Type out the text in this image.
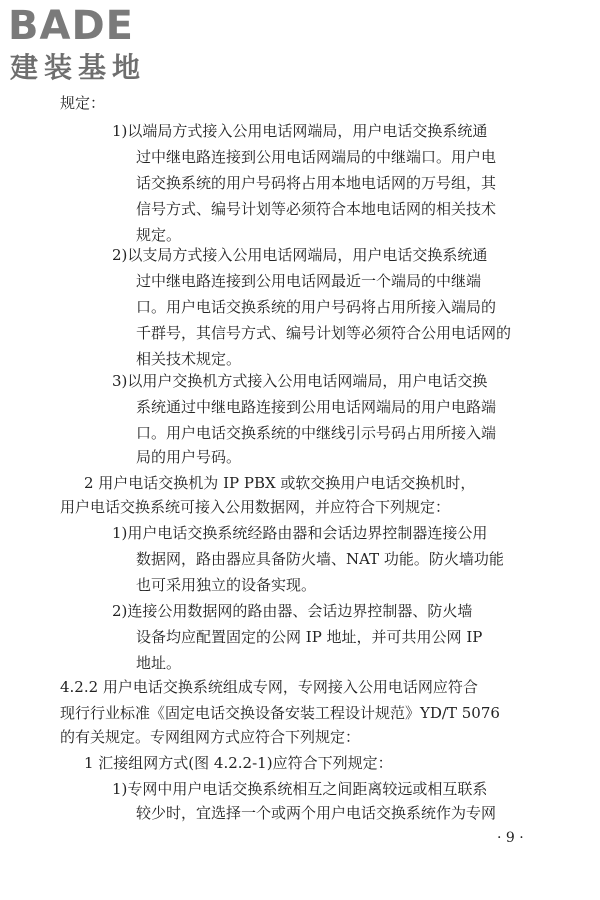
BADE
建装基地
规定：
1)以端局方式接入公用电话网端局，用户电话交换系统通
过中继电路连接到公用电话网端局的中继端口。用户电
话交换系统的用户号码将占用本地电话网的万号组，其
信号方式、编号计划等必须符合本地电话网的相关技术
规定。
2)以支局方式接入公用电话网端局，用户电话交换系统通
过中继电路连接到公用电话网最近一个端局的中继端
口。用户电话交换系统的用户号码将占用所接入端局的
千群号，其信号方式、编号计划等必须符合公用电话网的
相关技术规定。
3)以用户交换机方式接入公用电话网端局，用户电话交换
系统通过中继电路连接到公用电话网端局的用户电路端
口。用户电话交换系统的中继线引示号码占用所接入端
局的用户号码。
2 用户电话交换机为 IP PBX 或软交换用户电话交换机时，
用户电话交换系统可接入公用数据网，并应符合下列规定：
1)用户电话交换系统经路由器和会话边界控制器连接公用
数据网，路由器应具备防火墙、NAT 功能。防火墙功能
也可采用独立的设备实现。
2)连接公用数据网的路由器、会话边界控制器、防火墙
设备均应配置固定的公网 IP 地址，并可共用公网 IP
地址。
4.2.2 用户电话交换系统组成专网，专网接入公用电话网应符合
现行行业标准《固定电话交换设备安装工程设计规范》YD/T 5076
的有关规定。专网组网方式应符合下列规定：
1 汇接组网方式(图 4.2.2-1)应符合下列规定：
1)专网中用户电话交换系统相互之间距离较远或相互联系
较少时，宜选择一个或两个用户电话交换系统作为专网
· 9 ·
